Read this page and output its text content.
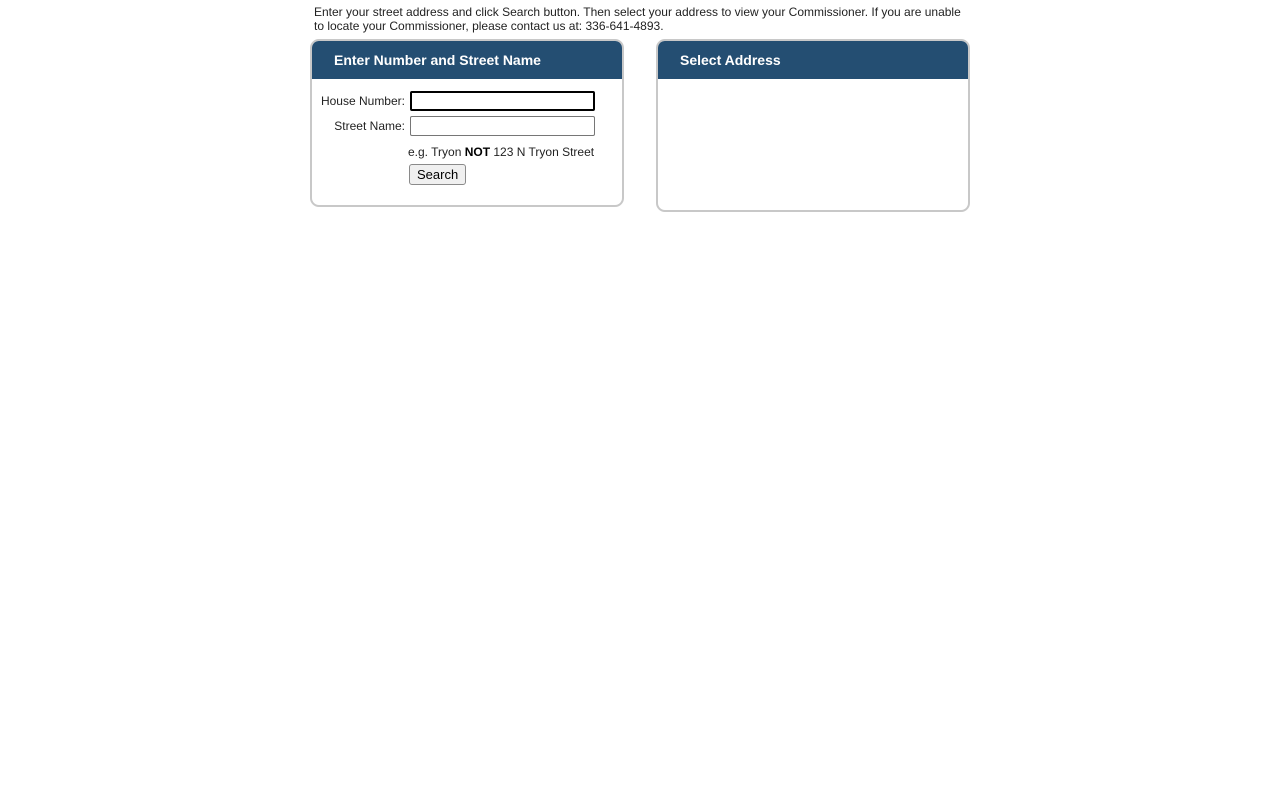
Enter your street address and click Search button. Then select your address to view your Commissioner. If you are unable to locate your Commissioner, please contact us at: 336-641-4893.
Enter Number and Street Name
House Number:
Street Name:
e.g. Tryon NOT 123 N Tryon Street
Search
Select Address
